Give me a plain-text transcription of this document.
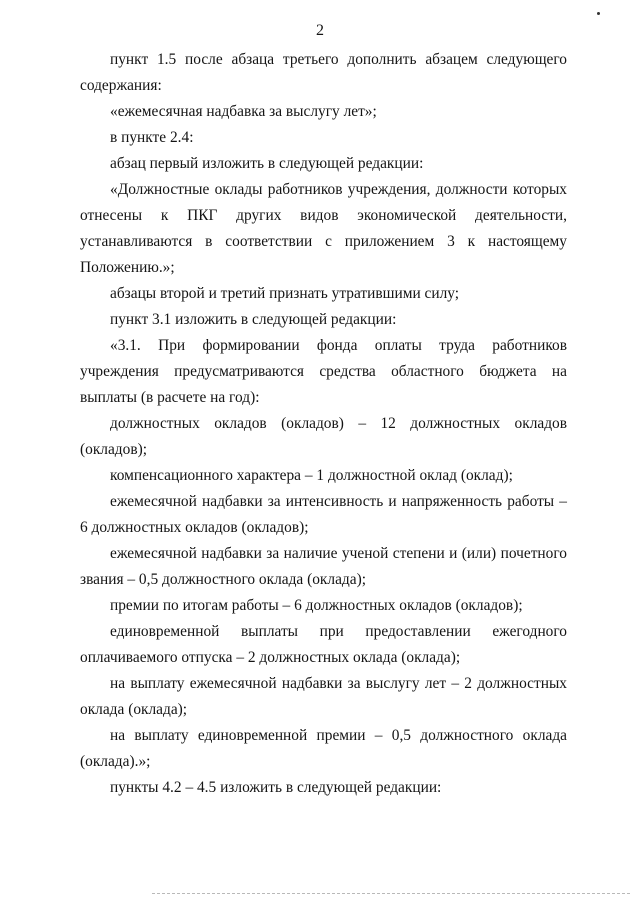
2

пункт 1.5 после абзаца третьего дополнить абзацем следующего содержания:

«ежемесячная надбавка за выслугу лет»;

в пункте 2.4:

абзац первый изложить в следующей редакции:

«Должностные оклады работников учреждения, должности которых отнесены к ПКГ других видов экономической деятельности, устанавливаются в соответствии с приложением 3 к настоящему Положению.»;

абзацы второй и третий признать утратившими силу;

пункт 3.1 изложить в следующей редакции:

«3.1. При формировании фонда оплаты труда работников учреждения предусматриваются средства областного бюджета на выплаты (в расчете на год):

должностных окладов (окладов) – 12 должностных окладов (окладов);

компенсационного характера – 1 должностной оклад (оклад);

ежемесячной надбавки за интенсивность и напряженность работы – 6 должностных окладов (окладов);

ежемесячной надбавки за наличие ученой степени и (или) почетного звания – 0,5 должностного оклада (оклада);

премии по итогам работы – 6 должностных окладов (окладов);

единовременной выплаты при предоставлении ежегодного оплачиваемого отпуска – 2 должностных оклада (оклада);

на выплату ежемесячной надбавки за выслугу лет – 2 должностных оклада (оклада);

на выплату единовременной премии – 0,5 должностного оклада (оклада).»;

пункты 4.2 – 4.5 изложить в следующей редакции:
